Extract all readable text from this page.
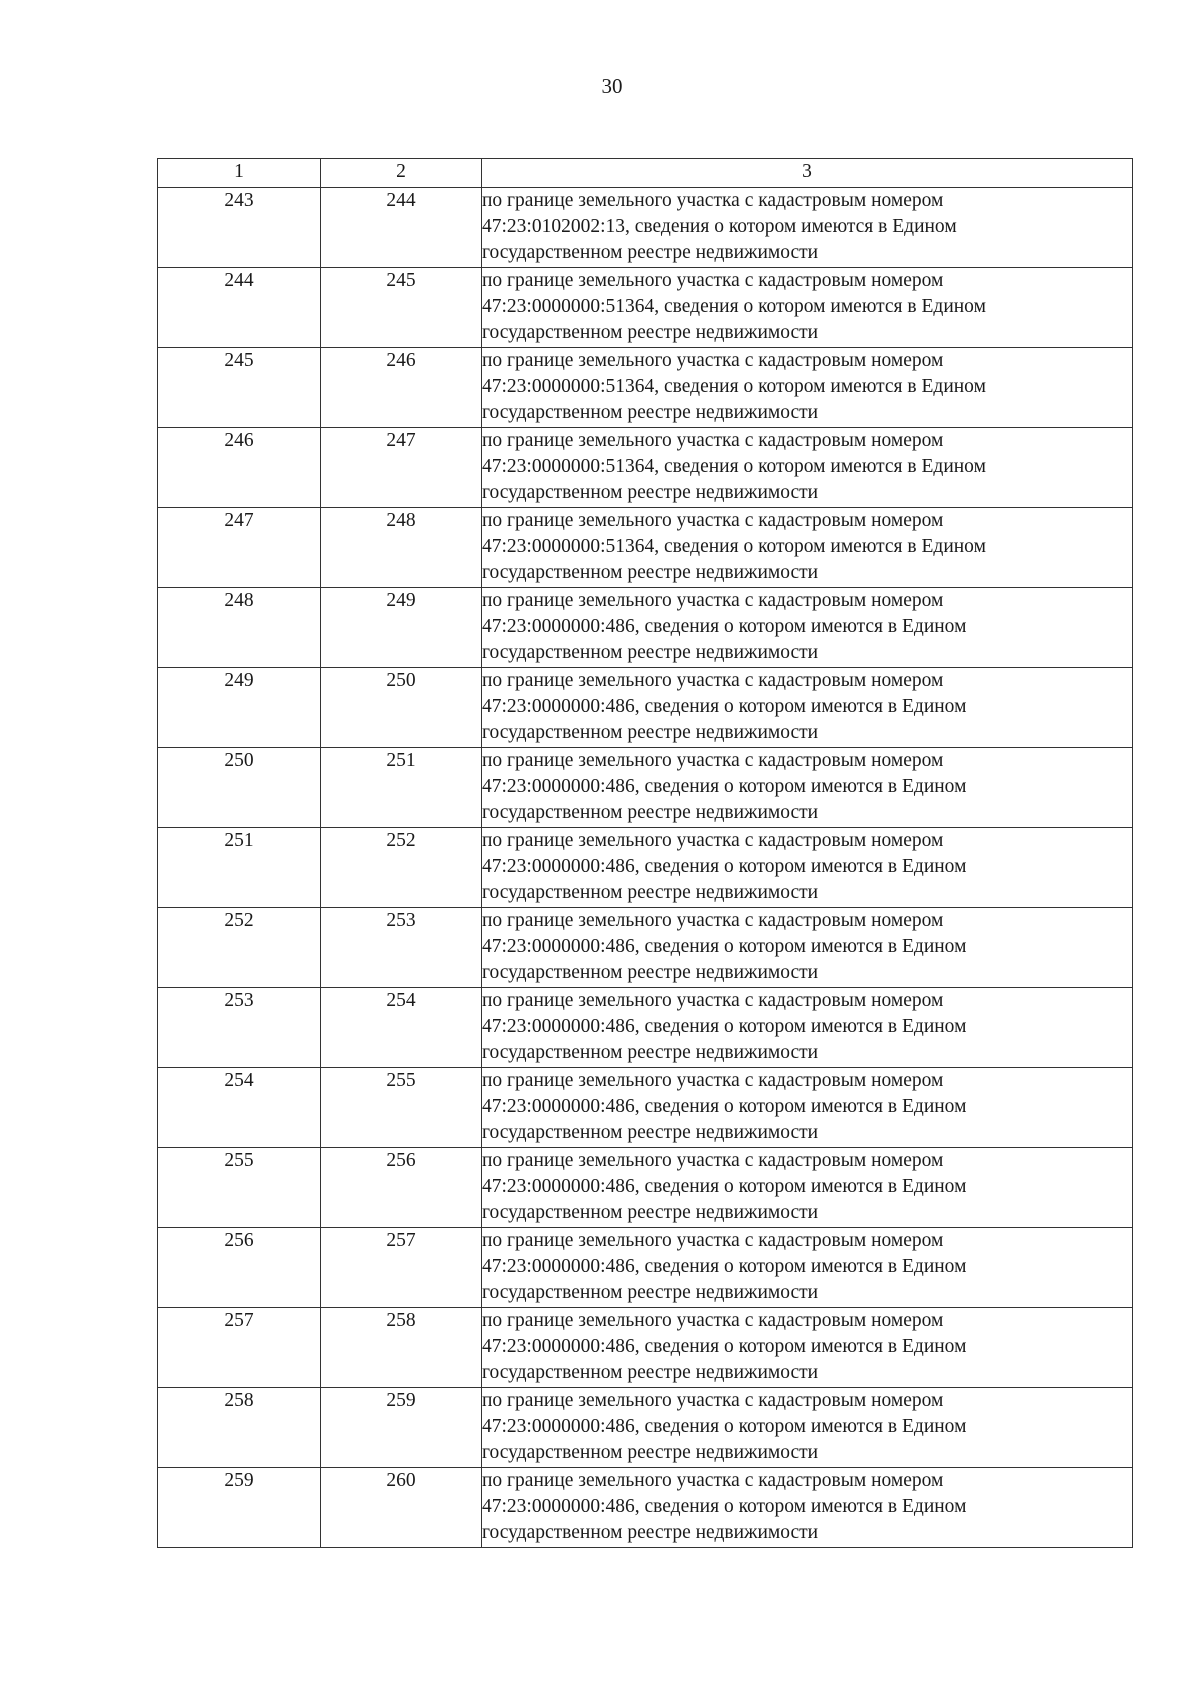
30
1	2	3
243	244	по границе земельного участка с кадастровым номером
47:23:0102002:13, сведения о котором имеются в Едином
государственном реестре недвижимости

244	245	по границе земельного участка с кадастровым номером
47:23:0000000:51364, сведения о котором имеются в Едином
государственном реестре недвижимости

245	246	по границе земельного участка с кадастровым номером
47:23:0000000:51364, сведения о котором имеются в Едином
государственном реестре недвижимости

246	247	по границе земельного участка с кадастровым номером
47:23:0000000:51364, сведения о котором имеются в Едином
государственном реестре недвижимости

247	248	по границе земельного участка с кадастровым номером
47:23:0000000:51364, сведения о котором имеются в Едином
государственном реестре недвижимости

248	249	по границе земельного участка с кадастровым номером
47:23:0000000:486, сведения о котором имеются в Едином
государственном реестре недвижимости

249	250	по границе земельного участка с кадастровым номером
47:23:0000000:486, сведения о котором имеются в Едином
государственном реестре недвижимости

250	251	по границе земельного участка с кадастровым номером
47:23:0000000:486, сведения о котором имеются в Едином
государственном реестре недвижимости

251	252	по границе земельного участка с кадастровым номером
47:23:0000000:486, сведения о котором имеются в Едином
государственном реестре недвижимости

252	253	по границе земельного участка с кадастровым номером
47:23:0000000:486, сведения о котором имеются в Едином
государственном реестре недвижимости

253	254	по границе земельного участка с кадастровым номером
47:23:0000000:486, сведения о котором имеются в Едином
государственном реестре недвижимости

254	255	по границе земельного участка с кадастровым номером
47:23:0000000:486, сведения о котором имеются в Едином
государственном реестре недвижимости

255	256	по границе земельного участка с кадастровым номером
47:23:0000000:486, сведения о котором имеются в Едином
государственном реестре недвижимости

256	257	по границе земельного участка с кадастровым номером
47:23:0000000:486, сведения о котором имеются в Едином
государственном реестре недвижимости

257	258	по границе земельного участка с кадастровым номером
47:23:0000000:486, сведения о котором имеются в Едином
государственном реестре недвижимости

258	259	по границе земельного участка с кадастровым номером
47:23:0000000:486, сведения о котором имеются в Едином
государственном реестре недвижимости

259	260	по границе земельного участка с кадастровым номером
47:23:0000000:486, сведения о котором имеются в Едином
государственном реестре недвижимости
